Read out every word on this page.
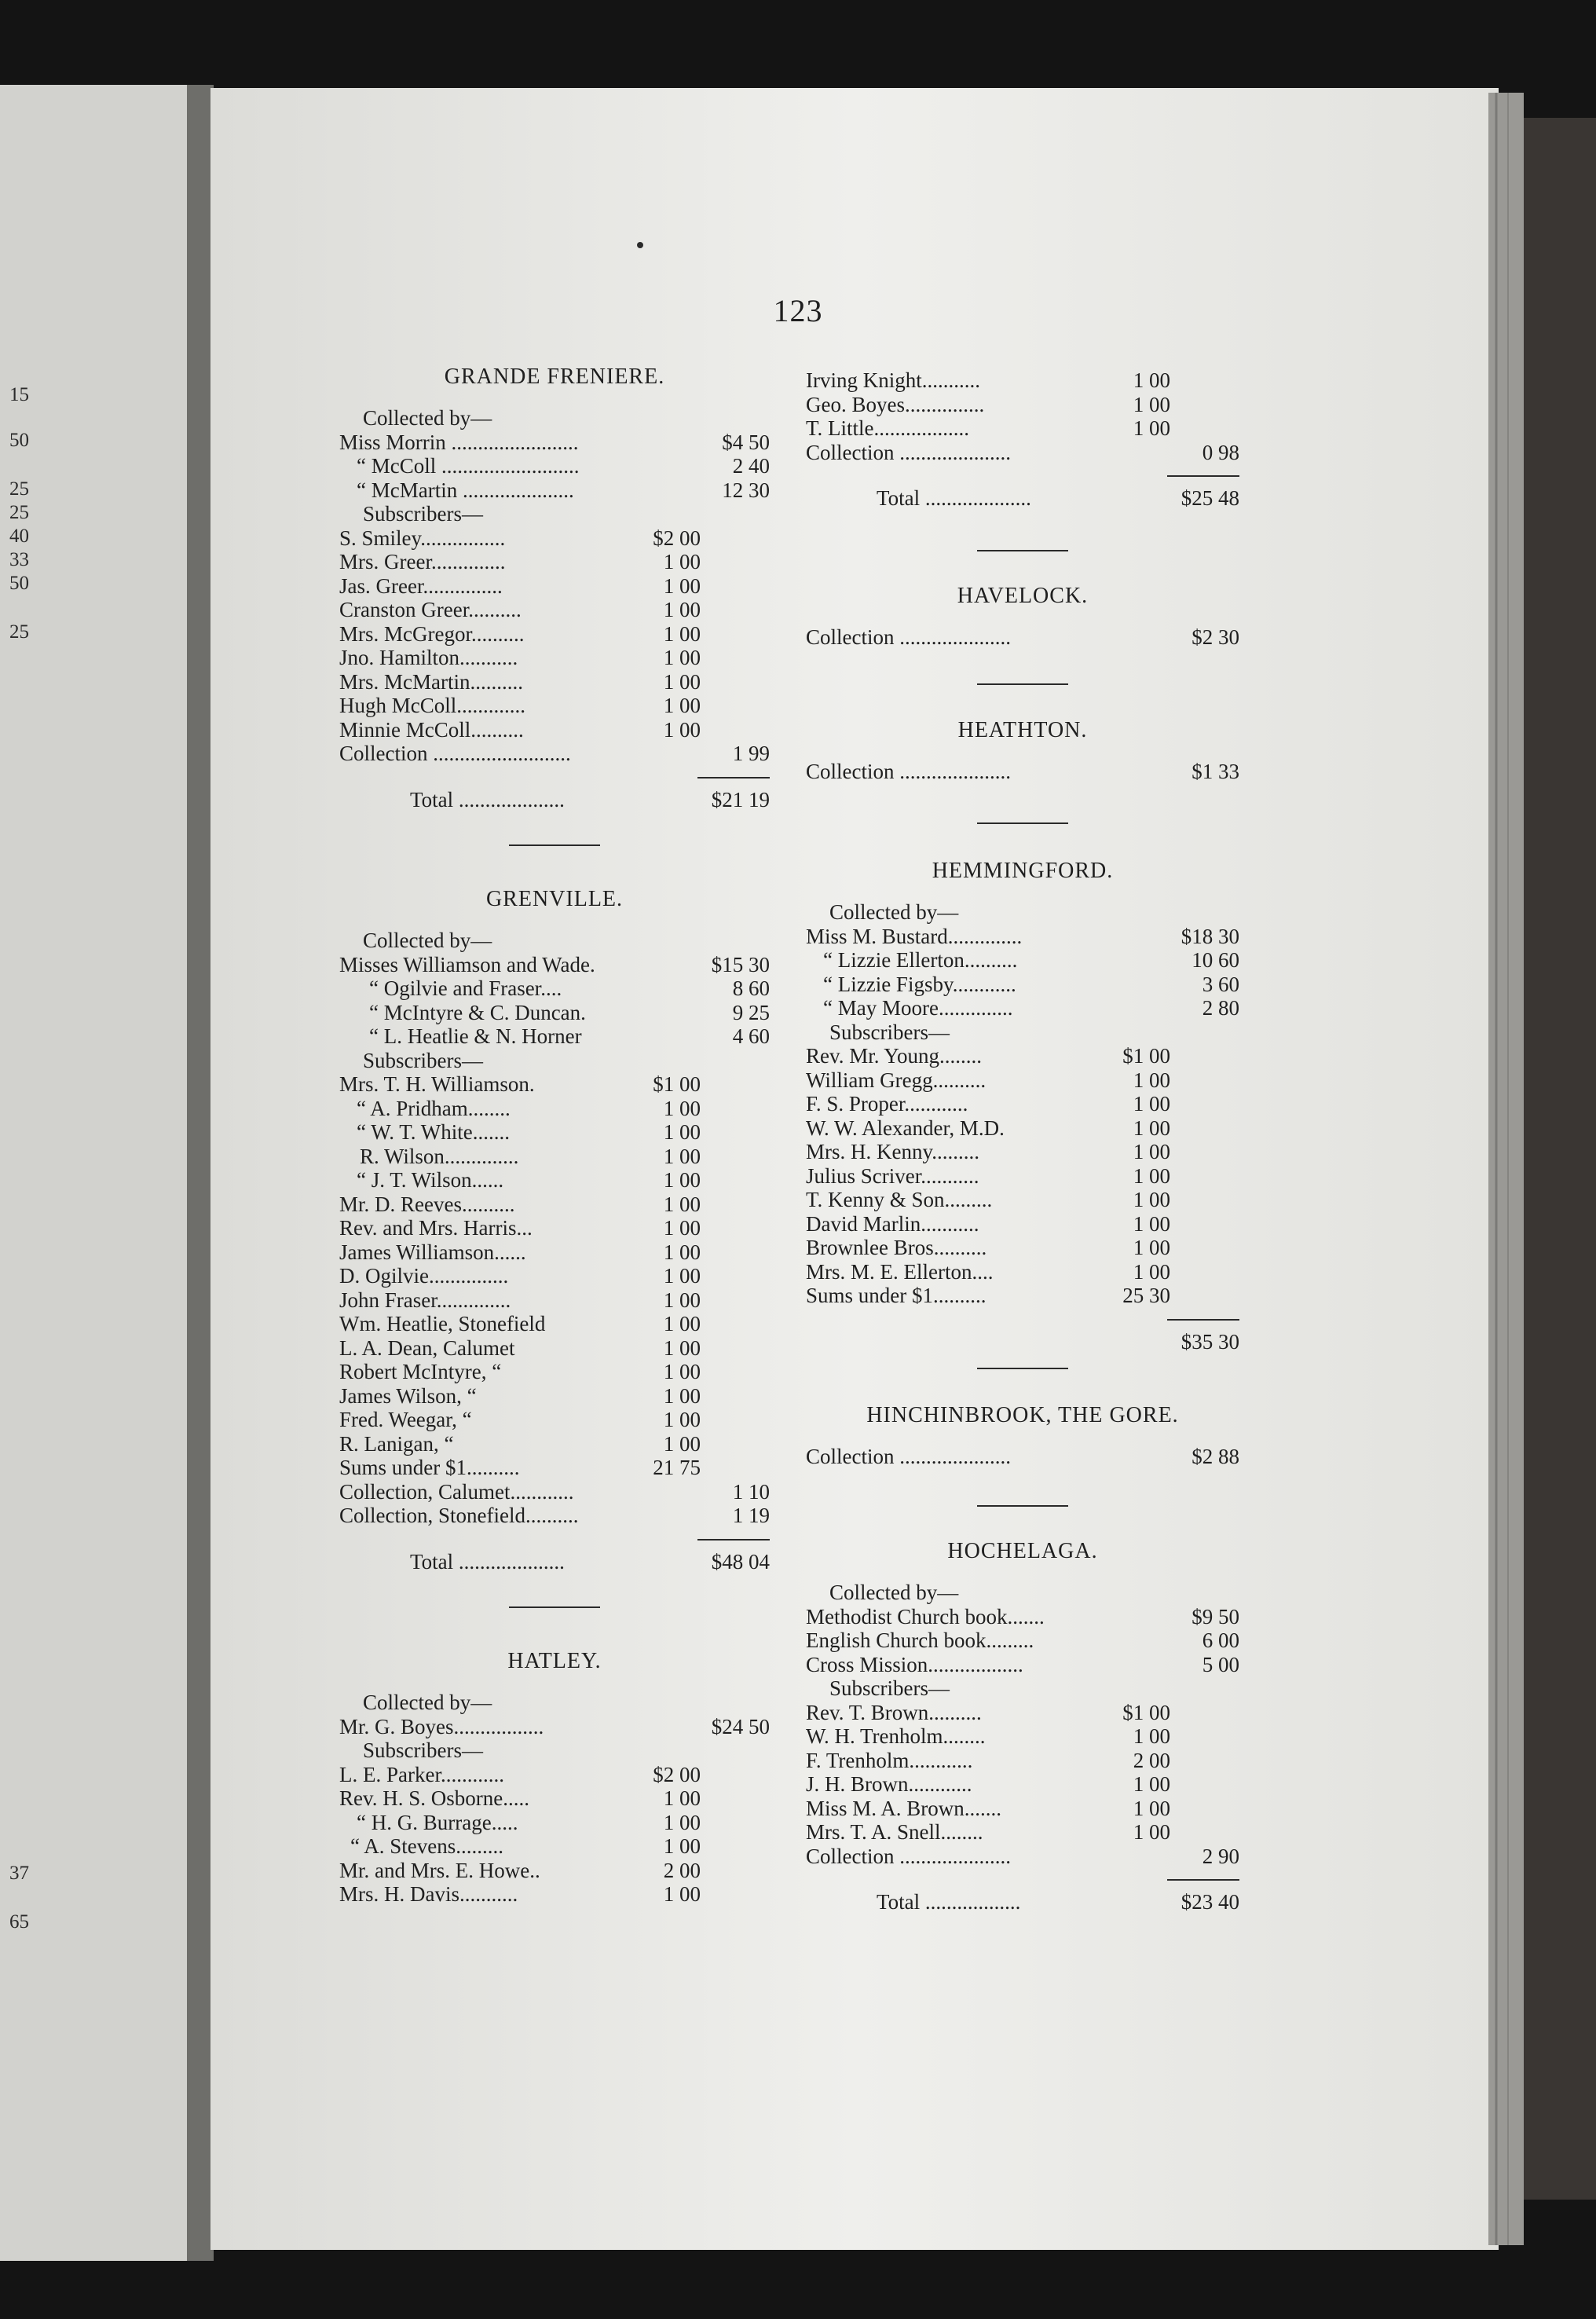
123
15
50
25
25
40
33
50
25
37
65
GRANDE FRENIERE.
Collected by—
Miss Morrin ........................	$4 50
“ McColl ..........................	2 40
“ McMartin .....................	12 30
Subscribers—
S. Smiley................	$2 00
Mrs. Greer..............	1 00
Jas. Greer...............	1 00
Cranston Greer..........	1 00
Mrs. McGregor..........	1 00
Jno. Hamilton...........	1 00
Mrs. McMartin..........	1 00
Hugh McColl.............	1 00
Minnie McColl..........	1 00
Collection ..........................	1 99
Total ....................	$21 19
GRENVILLE.
Collected by—
Misses Williamson and Wade.	$15 30
“ Ogilvie and Fraser....	8 60
“ McIntyre & C. Duncan.	9 25
“ L. Heatlie & N. Horner	4 60
Subscribers—
Mrs. T. H. Williamson.	$1 00
“ A. Pridham........	1 00
“ W. T. White.......	1 00
R. Wilson..............	1 00
“ J. T. Wilson......	1 00
Mr. D. Reeves..........	1 00
Rev. and Mrs. Harris...	1 00
James Williamson......	1 00
D. Ogilvie...............	1 00
John Fraser..............	1 00
Wm. Heatlie, Stonefield	1 00
L. A. Dean, Calumet	1 00
Robert McIntyre, “	1 00
James Wilson, “	1 00
Fred. Weegar, “	1 00
R. Lanigan, “	1 00
Sums under $1..........	21 75
Collection, Calumet............	1 10
Collection, Stonefield..........	1 19
Total ....................	$48 04
HATLEY.
Collected by—
Mr. G. Boyes.................	$24 50
Subscribers—
L. E. Parker............	$2 00
Rev. H. S. Osborne.....	1 00
“ H. G. Burrage.....	1 00
“ A. Stevens.........	1 00
Mr. and Mrs. E. Howe..	2 00
Mrs. H. Davis...........	1 00
Irving Knight...........	1 00
Geo. Boyes...............	1 00
T. Little..................	1 00
Collection .....................	0 98
Total ....................	$25 48
HAVELOCK.
Collection .....................	$2 30
HEATHTON.
Collection .....................	$1 33
HEMMINGFORD.
Collected by—
Miss M. Bustard..............	$18 30
“ Lizzie Ellerton..........	10 60
“ Lizzie Figsby............	3 60
“ May Moore..............	2 80
Subscribers—
Rev. Mr. Young........	$1 00
William Gregg..........	1 00
F. S. Proper............	1 00
W. W. Alexander, M.D.	1 00
Mrs. H. Kenny.........	1 00
Julius Scriver...........	1 00
T. Kenny & Son.........	1 00
David Marlin...........	1 00
Brownlee Bros..........	1 00
Mrs. M. E. Ellerton....	1 00
Sums under $1..........	25 30
$35 30
HINCHINBROOK, THE GORE.
Collection .....................	$2 88
HOCHELAGA.
Collected by—
Methodist Church book.......	$9 50
English Church book.........	6 00
Cross Mission..................	5 00
Subscribers—
Rev. T. Brown..........	$1 00
W. H. Trenholm........	1 00
F. Trenholm............	2 00
J. H. Brown............	1 00
Miss M. A. Brown.......	1 00
Mrs. T. A. Snell........	1 00
Collection .....................	2 90
Total ..................	$23 40
